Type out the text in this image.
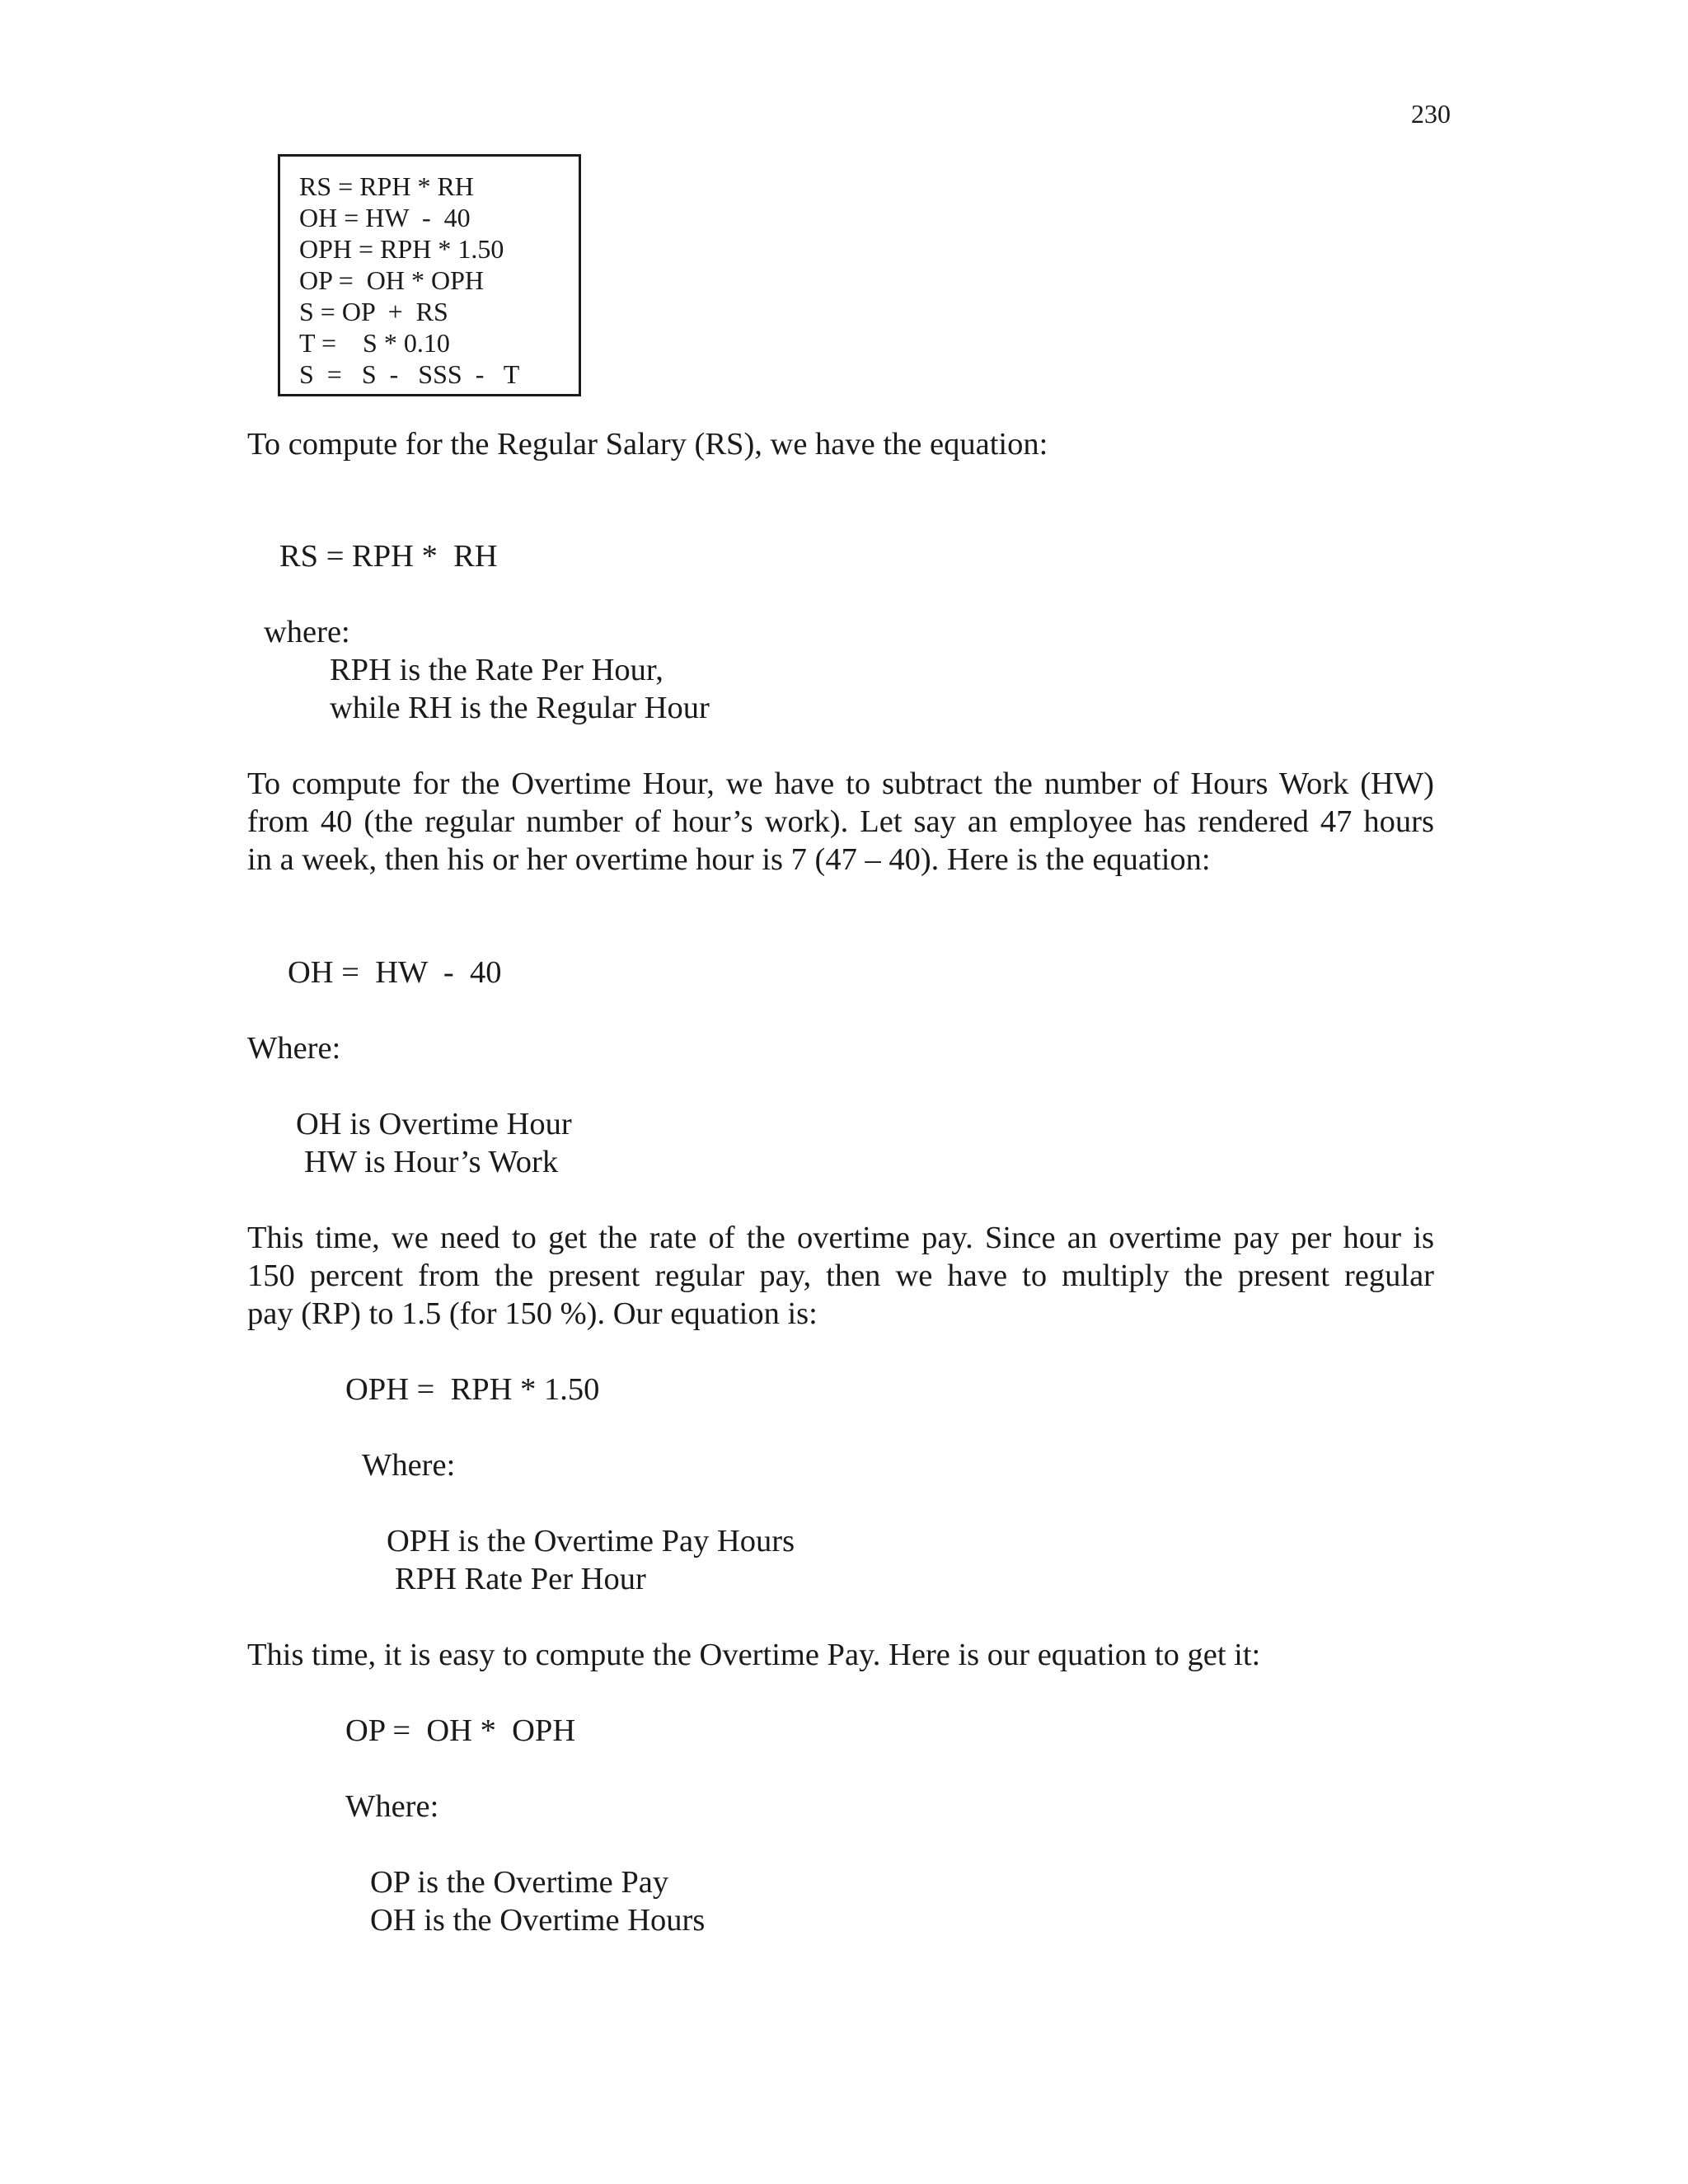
230
RS = RPH * RH
OH = HW  -  40
OPH = RPH * 1.50
OP =  OH * OPH
S = OP  +  RS
T =    S * 0.10
S  =   S  -   SSS  -   T
To compute for the Regular Salary (RS), we have the equation:
RS = RPH *  RH
where:
RPH is the Rate Per Hour,
while RH is the Regular Hour
To compute for the Overtime Hour, we have to subtract the number of Hours Work (HW)
from 40 (the regular number of hour’s work). Let say an employee has rendered 47 hours
in a week, then his or her overtime hour is 7 (47 – 40). Here is the equation:
OH =  HW  -  40
Where:
OH is Overtime Hour
HW is Hour’s Work
This time, we need to get the rate of the overtime pay. Since an overtime pay per hour is
150 percent from the present regular pay, then we have to multiply the present regular
pay (RP) to 1.5 (for 150 %). Our equation is:
OPH =  RPH * 1.50
Where:
OPH is the Overtime Pay Hours
RPH Rate Per Hour
This time, it is easy to compute the Overtime Pay. Here is our equation to get it:
OP =  OH *  OPH
Where:
OP is the Overtime Pay
OH is the Overtime Hours
